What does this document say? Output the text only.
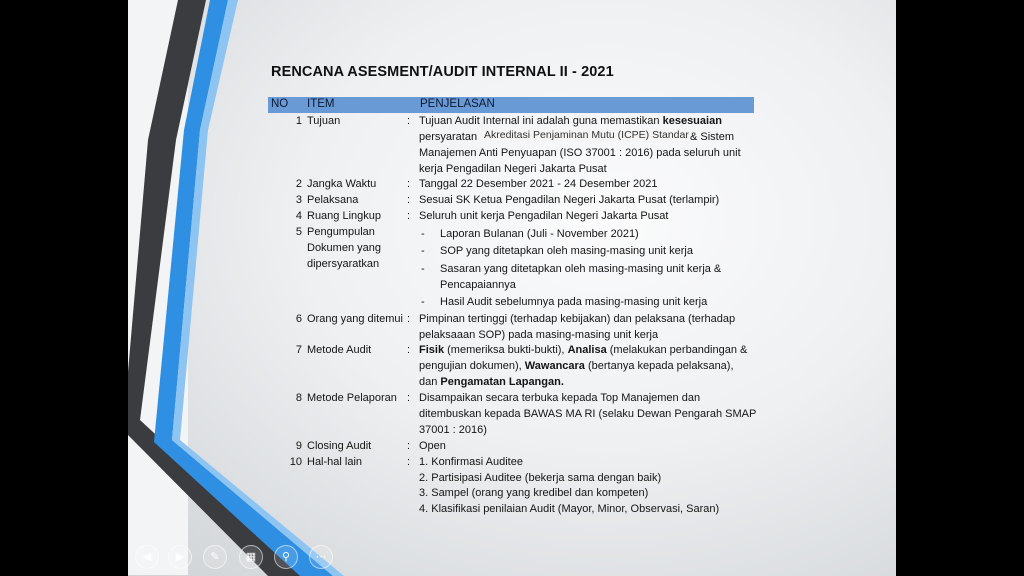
RENCANA ASESMENT/AUDIT INTERNAL II - 2021
NO ITEM	PENJELASAN
1 Tujuan	: Tujuan Audit Internal ini adalah guna memastikan kesesuaian
persyaratan Akreditasi Penjaminan Mutu (ICPE) Standar & Sistem
Manajemen Anti Penyuapan (ISO 37001 : 2016) pada seluruh unit
kerja Pengadilan Negeri Jakarta Pusat
2 Jangka Waktu	: Tanggal 22 Desember 2021 - 24 Desember 2021
3 Pelaksana	: Sesuai SK Ketua Pengadilan Negeri Jakarta Pusat (terlampir)
4 Ruang Lingkup : Seluruh unit kerja Pengadilan Negeri Jakarta Pusat
5 Pengumpulan
Dokumen yang
dipersyaratkan
- Laporan Bulanan (Juli - November 2021)
- SOP yang ditetapkan oleh masing-masing unit kerja
- Sasaran yang ditetapkan oleh masing-masing unit kerja &
Pencapaiannya
- Hasil Audit sebelumnya pada masing-masing unit kerja
6 Orang yang ditemui : Pimpinan tertinggi (terhadap kebijakan) dan pelaksana (terhadap
pelaksaaan SOP) pada masing-masing unit kerja
7 Metode Audit	: Fisik (memeriksa bukti-bukti), Analisa (melakukan perbandingan &
pengujian dokumen), Wawancara (bertanya kepada pelaksana),
dan Pengamatan Lapangan.
8 Metode Pelaporan : Disampaikan secara terbuka kepada Top Manajemen dan
ditembuskan kepada BAWAS MA RI (selaku Dewan Pengarah SMAP
37001 : 2016)
9 Closing Audit	: Open
10 Hal-hal lain	: 1. Konfirmasi Auditee
2. Partisipasi Auditee (bekerja sama dengan baik)
3. Sampel (orang yang kredibel dan kompeten)
4. Klasifikasi penilaian Audit (Mayor, Minor, Observasi, Saran)
◀	▶	✎	▦	⚲	⋯
